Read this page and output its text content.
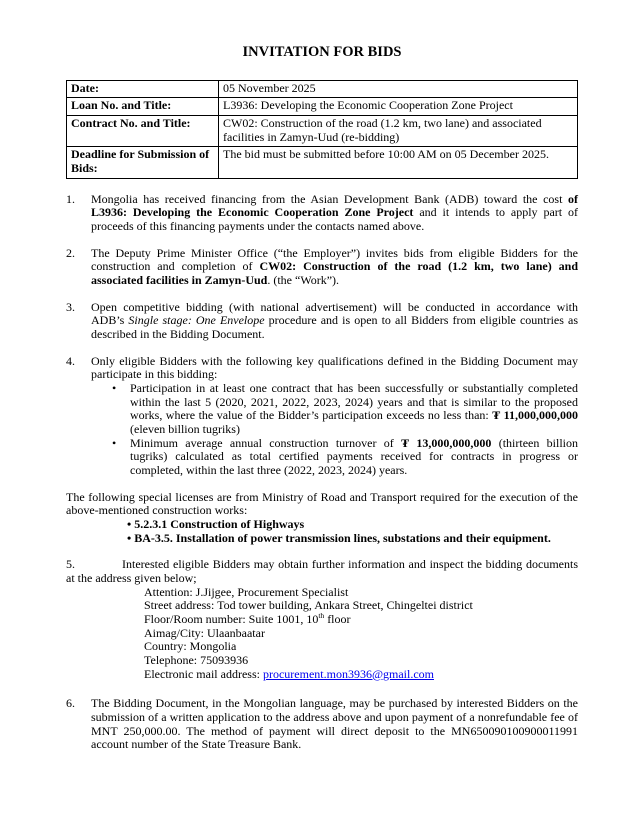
INVITATION FOR BIDS
Date:	05 November 2025
Loan No. and Title:	L3936: Developing the Economic Cooperation Zone Project
Contract No. and Title:	CW02: Construction of the road (1.2 km, two lane) and associated facilities in Zamyn-Uud (re-bidding)
Deadline for Submission of Bids:	The bid must be submitted before 10:00 AM on 05 December 2025.
1. Mongolia has received financing from the Asian Development Bank (ADB) toward the cost of L3936: Developing the Economic Cooperation Zone Project and it intends to apply part of proceeds of this financing payments under the contacts named above.
2. The Deputy Prime Minister Office (“the Employer”) invites bids from eligible Bidders for the construction and completion of CW02: Construction of the road (1.2 km, two lane) and associated facilities in Zamyn-Uud. (the “Work”).
3. Open competitive bidding (with national advertisement) will be conducted in accordance with ADB’s Single stage: One Envelope procedure and is open to all Bidders from eligible countries as described in the Bidding Document.
4. Only eligible Bidders with the following key qualifications defined in the Bidding Document may participate in this bidding:
• Participation in at least one contract that has been successfully or substantially completed within the last 5 (2020, 2021, 2022, 2023, 2024) years and that is similar to the proposed works, where the value of the Bidder’s participation exceeds no less than: ₮ 11,000,000,000 (eleven billion tugriks)
• Minimum average annual construction turnover of ₮ 13,000,000,000 (thirteen billion tugriks) calculated as total certified payments received for contracts in progress or completed, within the last three (2022, 2023, 2024) years.
The following special licenses are from Ministry of Road and Transport required for the execution of the above-mentioned construction works:
• 5.2.3.1 Construction of Highways
• BA-3.5. Installation of power transmission lines, substations and their equipment.
5.	Interested eligible Bidders may obtain further information and inspect the bidding documents at the address given below;
Attention: J.Jijgee, Procurement Specialist
Street address: Tod tower building, Ankara Street, Chingeltei district
Floor/Room number: Suite 1001, 10th floor
Aimag/City: Ulaanbaatar
Country: Mongolia
Telephone: 75093936
Electronic mail address: procurement.mon3936@gmail.com
6. The Bidding Document, in the Mongolian language, may be purchased by interested Bidders on the submission of a written application to the address above and upon payment of a nonrefundable fee of MNT 250,000.00. The method of payment will direct deposit to the MN650090100900011991 account number of the State Treasure Bank.
